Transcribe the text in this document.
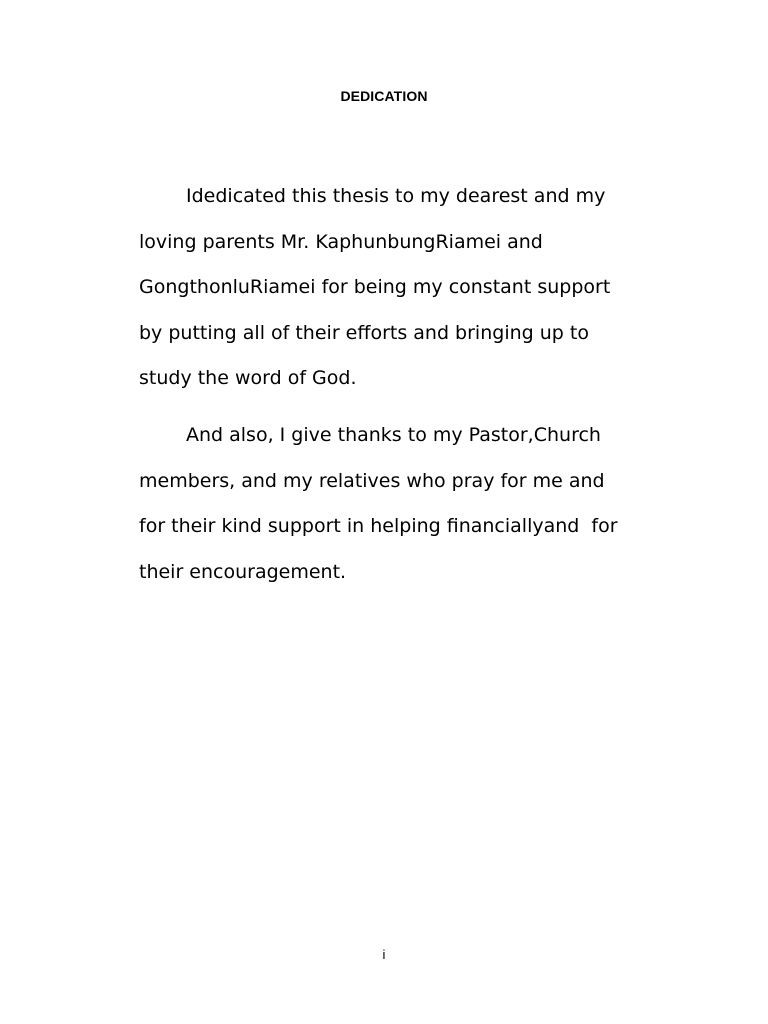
DEDICATION

Idedicated this thesis to my dearest and my
loving parents Mr. KaphunbungRiamei and
GongthonluRiamei for being my constant support
by putting all of their efforts and bringing up to
study the word of God.

And also, I give thanks to my Pastor,Church
members, and my relatives who pray for me and
for their kind support in helping financiallyand  for
their encouragement.

i
